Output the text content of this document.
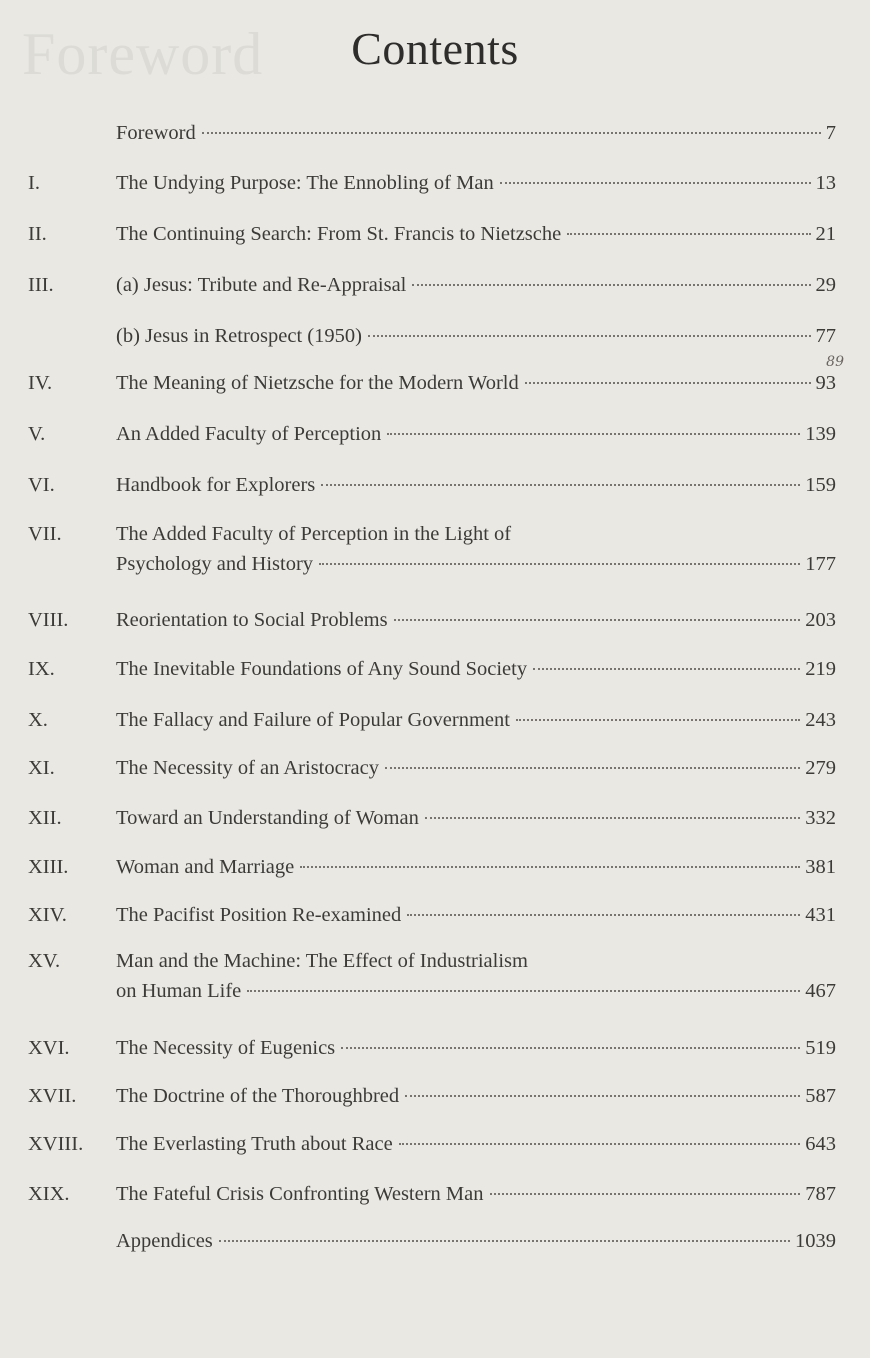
Foreword	Contents
Foreword	7
I.	The Undying Purpose: The Ennobling of Man	13
II.	The Continuing Search: From St. Francis to Nietzsche	21
III.	(a) Jesus: Tribute and Re-Appraisal	29
(b) Jesus in Retrospect (1950)	77
89
IV.	The Meaning of Nietzsche for the Modern World	93
V.	An Added Faculty of Perception	139
VI.	Handbook for Explorers	159
VII.	The Added Faculty of Perception in the Light of
Psychology and History	177
VIII. Reorientation to Social Problems	203
IX.	The Inevitable Foundations of Any Sound Society	219
X.	The Fallacy and Failure of Popular Government	243
XI.	The Necessity of an Aristocracy	279
XII.	Toward an Understanding of Woman	332
XIII. Woman and Marriage	381
XIV. The Pacifist Position Re-examined	431
XV.	Man and the Machine: The Effect of Industrialism
on Human Life	467
XVI. The Necessity of Eugenics	519
XVII. The Doctrine of the Thoroughbred	587
XVIII. The Everlasting Truth about Race	643
XIX. The Fateful Crisis Confronting Western Man	787
Appendices	1039
